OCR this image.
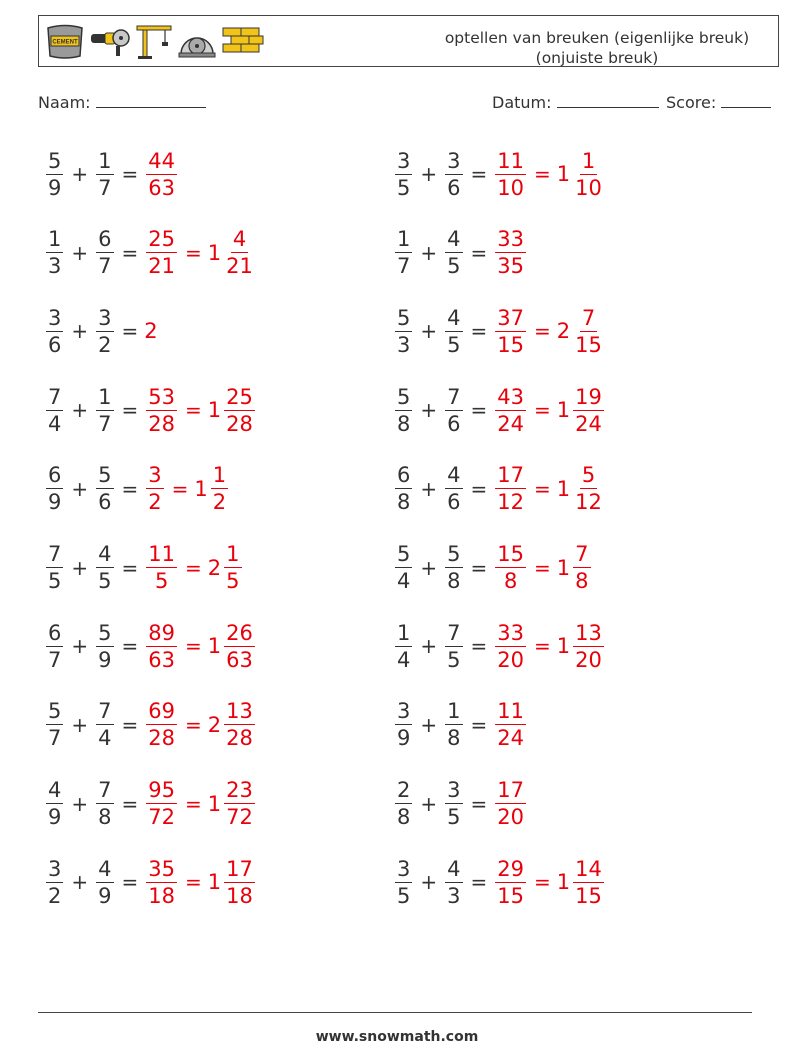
CEMENT	optellen van breuken (eigenlijke breuk)
(onjuiste breuk)
Naam:	Datum:	Score:
$\frac{5}{9} + \frac{1}{7} = \frac{44}{63}$	$\frac{3}{5} + \frac{3}{6} = \frac{11}{10} = 1 \frac{1}{10}$
$\frac{1}{3} + \frac{6}{7} = \frac{25}{21} = 1 \frac{4}{21}$	$\frac{1}{7} + \frac{4}{5} = \frac{33}{35}$
$\frac{3}{6} + \frac{3}{2} = 2$	$\frac{5}{3} + \frac{4}{5} = \frac{37}{15} = 2 \frac{7}{15}$
$\frac{7}{4} + \frac{1}{7} = \frac{53}{28} = 1 \frac{25}{28}$	$\frac{5}{8} + \frac{7}{6} = \frac{43}{24} = 1 \frac{19}{24}$
$\frac{6}{9} + \frac{5}{6} = \frac{3}{2} = 1 \frac{1}{2}$	$\frac{6}{8} + \frac{4}{6} = \frac{17}{12} = 1 \frac{5}{12}$
$\frac{7}{5} + \frac{4}{5} = \frac{11}{5} = 2 \frac{1}{5}$	$\frac{5}{4} + \frac{5}{8} = \frac{15}{8} = 1 \frac{7}{8}$
$\frac{6}{7} + \frac{5}{9} = \frac{89}{63} = 1 \frac{26}{63}$	$\frac{1}{4} + \frac{7}{5} = \frac{33}{20} = 1 \frac{13}{20}$
$\frac{5}{7} + \frac{7}{4} = \frac{69}{28} = 2 \frac{13}{28}$	$\frac{3}{9} + \frac{1}{8} = \frac{11}{24}$
$\frac{4}{9} + \frac{7}{8} = \frac{95}{72} = 1 \frac{23}{72}$	$\frac{2}{8} + \frac{3}{5} = \frac{17}{20}$
$\frac{3}{2} + \frac{4}{9} = \frac{35}{18} = 1 \frac{17}{18}$	$\frac{3}{5} + \frac{4}{3} = \frac{29}{15} = 1 \frac{14}{15}$
www.snowmath.com
